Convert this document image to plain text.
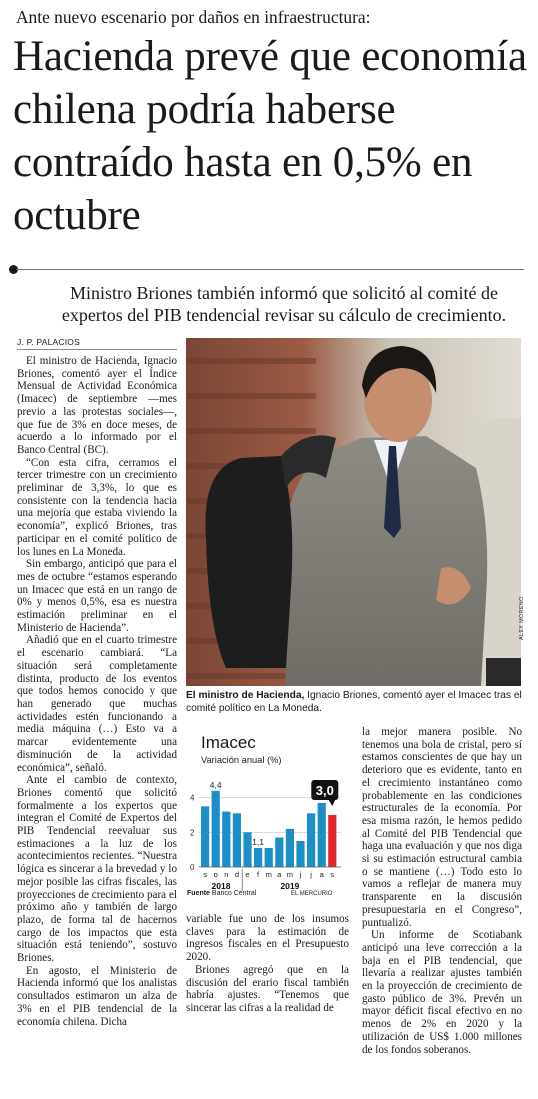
Ante nuevo escenario por daños en infraestructura:
Hacienda prevé que economía chilena podría haberse contraído hasta en 0,5% en octubre
Ministro Briones también informó que solicitó al comité de expertos del PIB tendencial revisar su cálculo de crecimiento.
J. P. PALACIOS

El ministro de Hacienda, Ignacio Briones, comentó ayer el Índice Mensual de Actividad Económica (Imacec) de septiembre —mes previo a las protestas sociales—, que fue de 3% en doce meses, de acuerdo a lo informado por el Banco Central (BC).

“Con esta cifra, cerramos el tercer trimestre con un crecimiento preliminar de 3,3%, lo que es consistente con la tendencia hacia una mejoría que estaba viviendo la economía”, explicó Briones, tras participar en el comité político de los lunes en La Moneda.

Sin embargo, anticipó que para el mes de octubre “estamos esperando un Imacec que está en un rango de 0% y menos 0,5%, esa es nuestra estimación preliminar en el Ministerio de Hacienda”.

Añadió que en el cuarto trimestre el escenario cambiará. “La situación será completamente distinta, producto de los eventos que todos hemos conocido y que han generado que muchas actividades estén funcionando a media máquina (…) Esto va a marcar evidentemente una disminución de la actividad económica”, señaló.

Ante el cambio de contexto, Briones comentó que solicitó formalmente a los expertos que integran el Comité de Expertos del PIB Tendencial reevaluar sus estimaciones a la luz de los acontecimientos recientes. “Nuestra lógica es sincerar a la brevedad y lo mejor posible las cifras fiscales, las proyecciones de crecimiento para el próximo año y también de largo plazo, de forma tal de hacernos cargo de los impactos que esta situación está teniendo”, sostuvo Briones.

En agosto, el Ministerio de Hacienda informó que los analistas consultados estimaron un alza de 3% en el PIB tendencial de la economía chilena. Dicha

ALEX MORENO
El ministro de Hacienda, Ignacio Briones, comentó ayer el Imacec tras el comité político en La Moneda.
0
2
4
s o n d e f m a m j j a s
4,4
1,1
3,0
2018	2019
Imacec
Variación anual (%)
Fuente Banco Central	EL MERCURIO

variable fue uno de los insumos claves para la estimación de ingresos fiscales en el Presupuesto 2020.

Briones agregó que en la discusión del erario fiscal también habría ajustes. “Tenemos que sincerar las cifras a la realidad de

la mejor manera posible. No tenemos una bola de cristal, pero sí estamos conscientes de que hay un deterioro que es evidente, tanto en el crecimiento instantáneo como probablemente en las condiciones estructurales de la economía. Por esa misma razón, le hemos pedido al Comité del PIB Tendencial que haga una evaluación y que nos diga si su estimación estructural cambia o se mantiene (…) Todo esto lo vamos a reflejar de manera muy transparente en la discusión presupuestaria en el Congreso”, puntualizó.

Un informe de Scotiabank anticipó una leve corrección a la baja en el PIB tendencial, que llevaría a realizar ajustes también en la proyección de crecimiento de gasto público de 3%. Prevén un mayor déficit fiscal efectivo en no menos de 2% en 2020 y la utilización de US$ 1.000 millones de los fondos soberanos.
